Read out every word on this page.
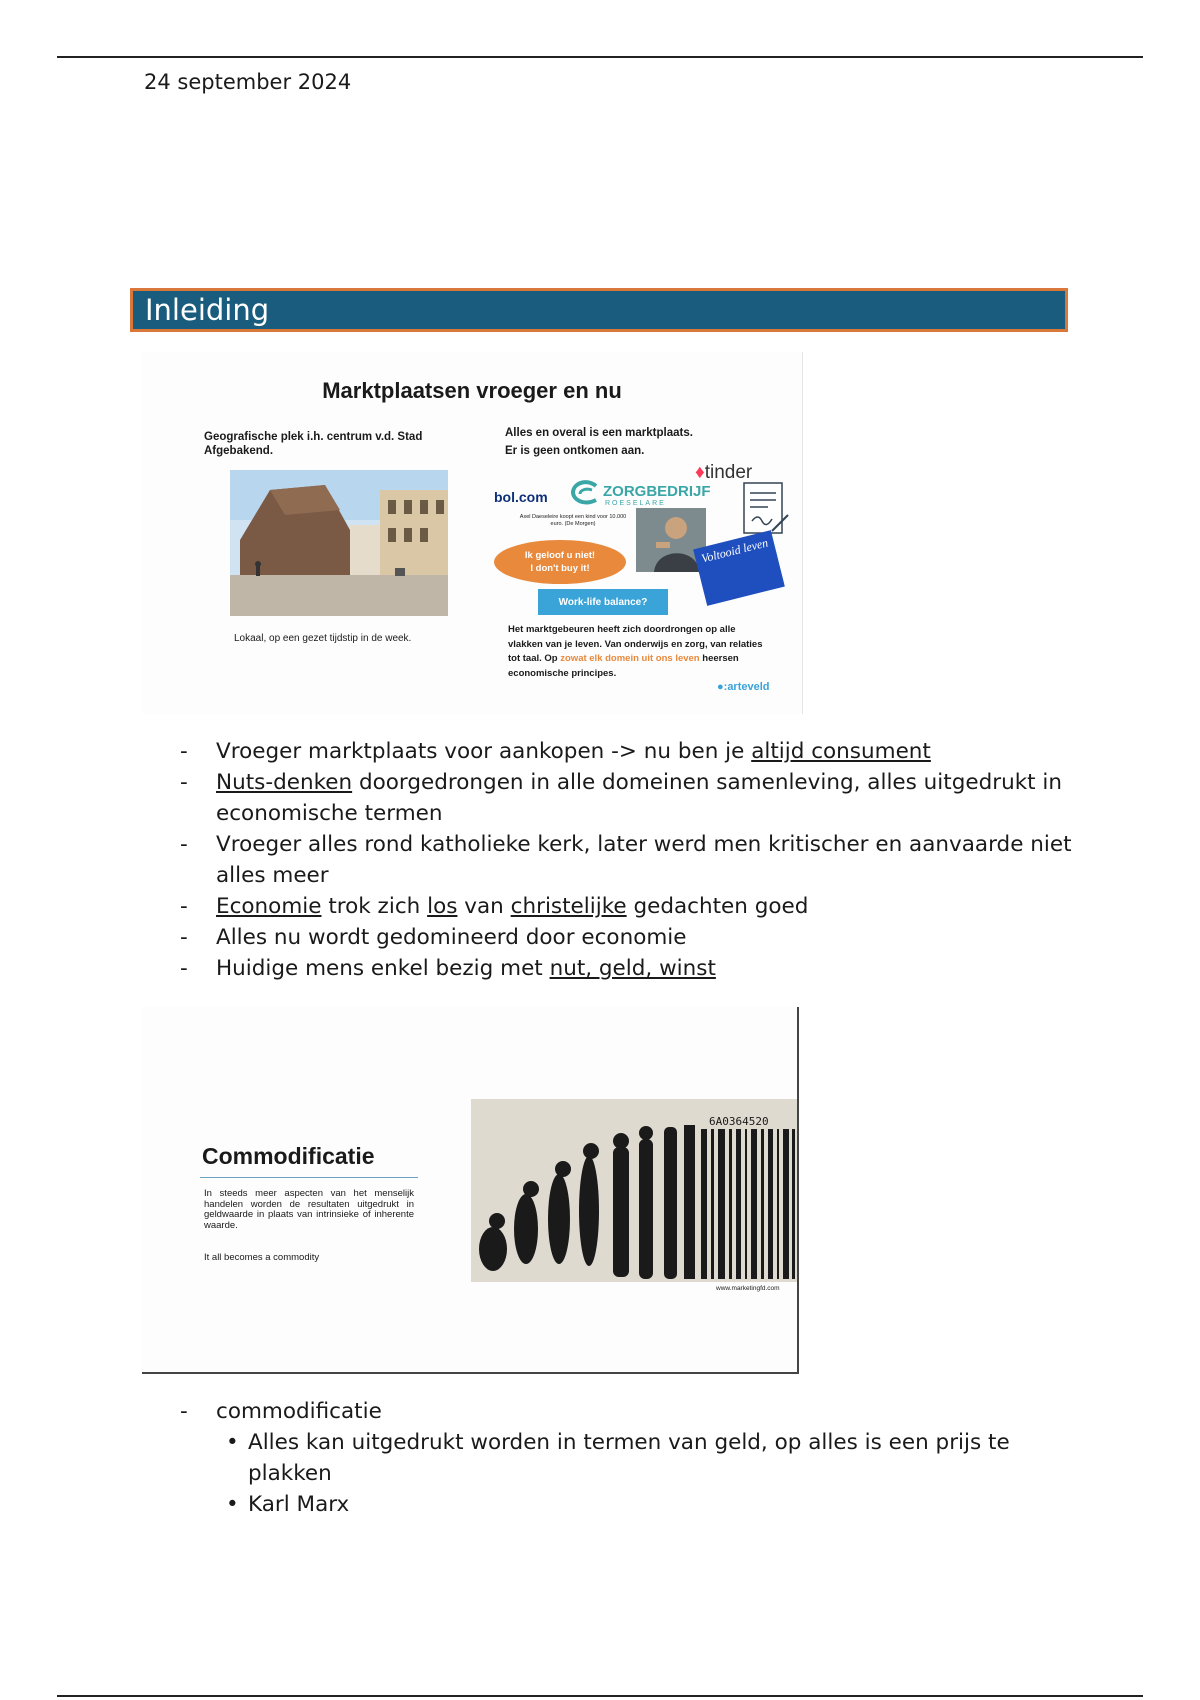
24 september 2024
Inleiding
Marktplaatsen vroeger en nu
Geografische plek i.h. centrum v.d. Stad Afgebakend.
Lokaal, op een gezet tijdstip in de week.
Alles en overal is een marktplaats.
Er is geen ontkomen aan.
♦tinder
bol.com	ZORGBEDRIJF
ROESELARE
Axel Daeseleire koopt een kind voor 10.000 euro. (De Morgen)
Ik geloof u niet!
I don't buy it!
Work-life balance?
Voltooid leven
Het marktgebeuren heeft zich doordrongen op alle vlakken van je leven. Van onderwijs en zorg, van relaties tot taal. Op zowat elk domein uit ons leven heersen economische principes.
●:arteveld
- Vroeger marktplaats voor aankopen -> nu ben je altijd consument
- Nuts-denken doorgedrongen in alle domeinen samenleving, alles uitgedrukt in economische termen
- Vroeger alles rond katholieke kerk, later werd men kritischer en aanvaarde niet alles meer
- Economie trok zich los van christelijke gedachten goed
- Alles nu wordt gedomineerd door economie
- Huidige mens enkel bezig met nut, geld, winst
Commodificatie
In steeds meer aspecten van het menselijk handelen worden de resultaten uitgedrukt in geldwaarde in plaats van intrinsieke of inherente waarde.
It all becomes a commodity
6A0364520
www.marketingfd.com
- commodificatie
• Alles kan uitgedrukt worden in termen van geld, op alles is een prijs te plakken
• Karl Marx
